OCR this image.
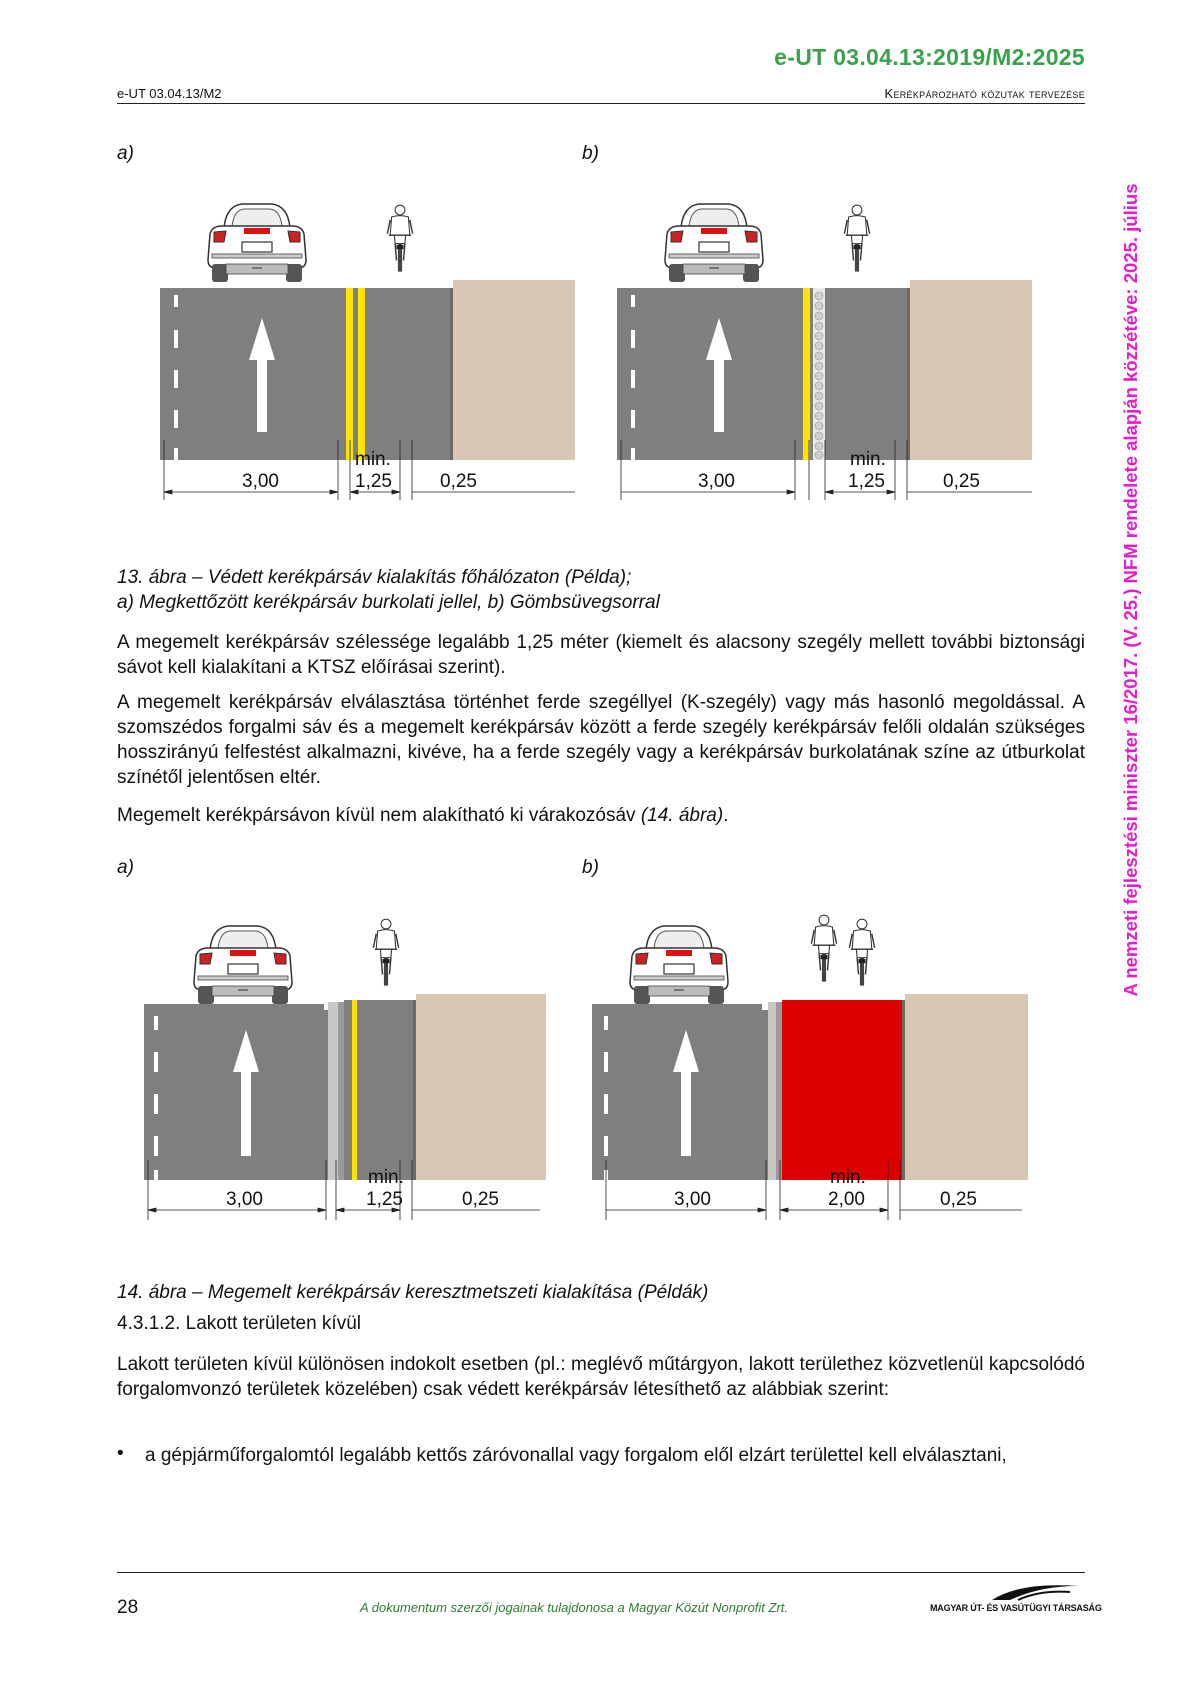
e-UT 03.04.13:2019/M2:2025
e-UT 03.04.13/M2	Kerékpározható közutak tervezése
A nemzeti fejlesztési miniszter 16/2017. (V. 25.) NFM rendelete alapján közzétéve: 2025. július
a)	b)
3,00
min.
1,25	0,25	3,00
min.
1,25	0,25
13. ábra – Védett kerékpársáv kialakítás főhálózaton (Példa);
a) Megkettőzött kerékpársáv burkolati jellel, b) Gömbsüvegsorral

A megemelt kerékpársáv szélessége legalább 1,25 méter (kiemelt és alacsony szegély mellett további biztonsági sávot kell kialakítani a KTSZ előírásai szerint).

A megemelt kerékpársáv elválasztása történhet ferde szegéllyel (K-szegély) vagy más hasonló megoldással. A szomszédos forgalmi sáv és a megemelt kerékpársáv között a ferde szegély kerékpársáv felőli oldalán szükséges hosszirányú felfestést alkalmazni, kivéve, ha a ferde szegély vagy a kerékpársáv burkolatának színe az útburkolat színétől jelentősen eltér.

Megemelt kerékpársávon kívül nem alakítható ki várakozósáv (14. ábra).

a)	b)
3,00
min.
1,25	0,25	3,00
min.
2,00	0,25
14. ábra – Megemelt kerékpársáv keresztmetszeti kialakítása (Példák)
4.3.1.2. Lakott területen kívül

Lakott területen kívül különösen indokolt esetben (pl.: meglévő műtárgyon, lakott területhez közvetlenül kapcsolódó forgalomvonzó területek közelében) csak védett kerékpársáv létesíthető az alábbiak szerint:

• a gépjárműforgalomtól legalább kettős záróvonallal vagy forgalom elől elzárt területtel kell elválasztani,

28	A dokumentum szerzői jogainak tulajdonosa a Magyar Közút Nonprofit Zrt.	MAGYAR ÚT- ÉS VASÚTÜGYI TÁRSASÁG
